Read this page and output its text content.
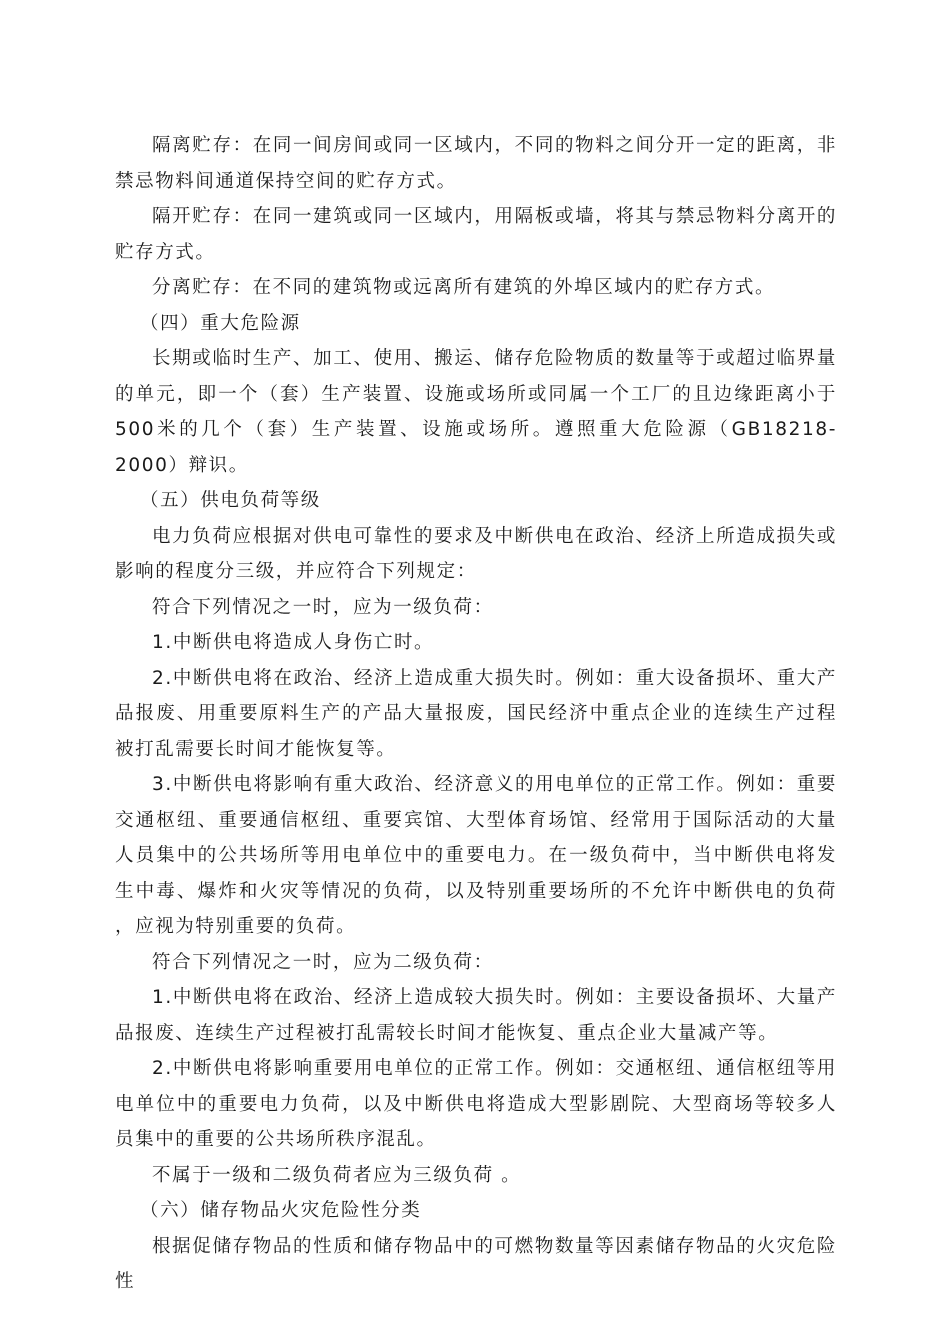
隔离贮存：在同一间房间或同一区域内，不同的物料之间分开一定的距离，非禁忌物料间通道保持空间的贮存方式。

隔开贮存：在同一建筑或同一区域内，用隔板或墙，将其与禁忌物料分离开的贮存方式。

分离贮存：在不同的建筑物或远离所有建筑的外埠区域内的贮存方式。

（四）重大危险源

长期或临时生产、加工、使用、搬运、储存危险物质的数量等于或超过临界量的单元，即一个（套）生产装置、设施或场所或同属一个工厂的且边缘距离小于500米的几个（套）生产装置、设施或场所。遵照重大危险源（GB18218-2000）辩识。

（五）供电负荷等级

电力负荷应根据对供电可靠性的要求及中断供电在政治、经济上所造成损失或影响的程度分三级，并应符合下列规定：

符合下列情况之一时，应为一级负荷：

1.中断供电将造成人身伤亡时。

2.中断供电将在政治、经济上造成重大损失时。例如：重大设备损坏、重大产品报废、用重要原料生产的产品大量报废，国民经济中重点企业的连续生产过程被打乱需要长时间才能恢复等。

3.中断供电将影响有重大政治、经济意义的用电单位的正常工作。例如：重要交通枢纽、重要通信枢纽、重要宾馆、大型体育场馆、经常用于国际活动的大量人员集中的公共场所等用电单位中的重要电力。在一级负荷中，当中断供电将发生中毒、爆炸和火灾等情况的负荷，以及特别重要场所的不允许中断供电的负荷 ，应视为特别重要的负荷。

符合下列情况之一时，应为二级负荷：

1.中断供电将在政治、经济上造成较大损失时。例如：主要设备损坏、大量产品报废、连续生产过程被打乱需较长时间才能恢复、重点企业大量减产等。

2.中断供电将影响重要用电单位的正常工作。例如：交通枢纽、通信枢纽等用电单位中的重要电力负荷，以及中断供电将造成大型影剧院、大型商场等较多人员集中的重要的公共场所秩序混乱。

不属于一级和二级负荷者应为三级负荷 。

（六）储存物品火灾危险性分类

根据促储存物品的性质和储存物品中的可燃物数量等因素储存物品的火灾危险性
